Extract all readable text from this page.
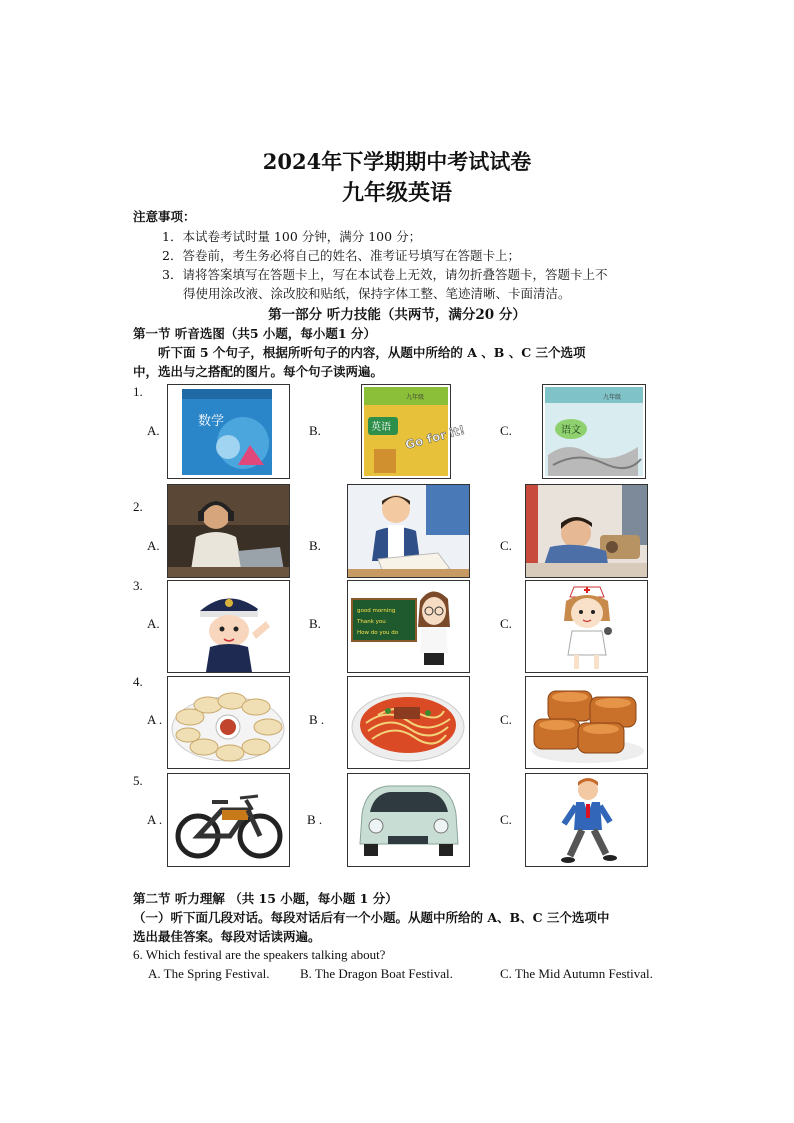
2024年下学期期中考试试卷
九年级英语
注意事项：
1．本试卷考试时量 100 分钟，满分 100 分；
2．答卷前，考生务必将自己的姓名、准考证号填写在答题卡上；
3．请将答案填写在答题卡上，写在本试卷上无效，请勿折叠答题卡，答题卡上不
得使用涂改液、涂改胶和贴纸，保持字体工整、笔迹清晰、卡面清洁。
第一部分 听力技能（共两节，满分20 分）
第一节 听音选图（共5 小题，每小题1 分）
听下面 5 个句子，根据所听句子的内容，从题中所给的 A 、B 、C 三个选项
中，选出与之搭配的图片。每个句子读两遍。
1.
A.	B.	C.
数学	英语 Go for it!
九年级
语文
九年级
2.
A.	B.	C.
3.
A.	B.	C.
good morning
Thank you
How do you do
4.
A .	B .	C.
5.
A .	B .	C.
第二节 听力理解 （共 15 小题，每小题 1 分）
（一）听下面几段对话。每段对话后有一个小题。从题中所给的 A、B、C 三个选项中
选出最佳答案。每段对话读两遍。
6. Which festival are the speakers talking about?
A. The Spring Festival. B. The Dragon Boat Festival.	C. The Mid Autumn Festival.
